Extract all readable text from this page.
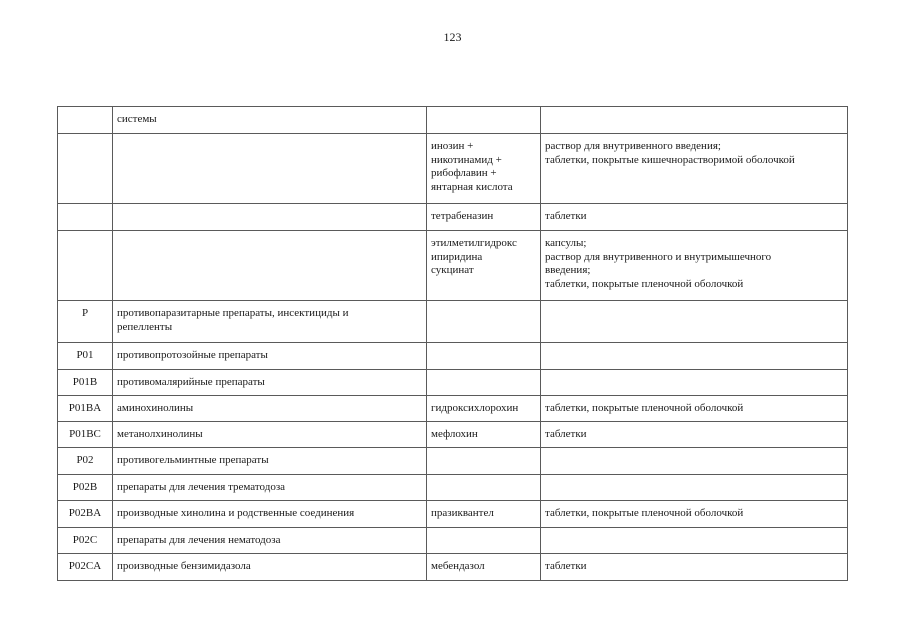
123
	системы		
		инозин +
никотинамид +
рибофлавин +
янтарная кислота	раствор для внутривенного введения;
таблетки, покрытые кишечнорастворимой оболочкой
		тетрабеназин	таблетки
		этилметилгидрокс
ипиридина
сукцинат	капсулы;
раствор для внутривенного и внутримышечного
введения;
таблетки, покрытые пленочной оболочкой
P	противопаразитарные препараты, инсектициды и
репелленты		
P01	противопротозойные препараты		
P01B	противомалярийные препараты		
P01BA	аминохинолины	гидроксихлорохин	таблетки, покрытые пленочной оболочкой
P01BC	метанолхинолины	мефлохин	таблетки
P02	противогельминтные препараты		
P02B	препараты для лечения трематодоза		
P02BA	производные хинолина и родственные соединения	празиквантел	таблетки, покрытые пленочной оболочкой
P02C	препараты для лечения нематодоза		
P02CA	производные бензимидазола	мебендазол	таблетки
